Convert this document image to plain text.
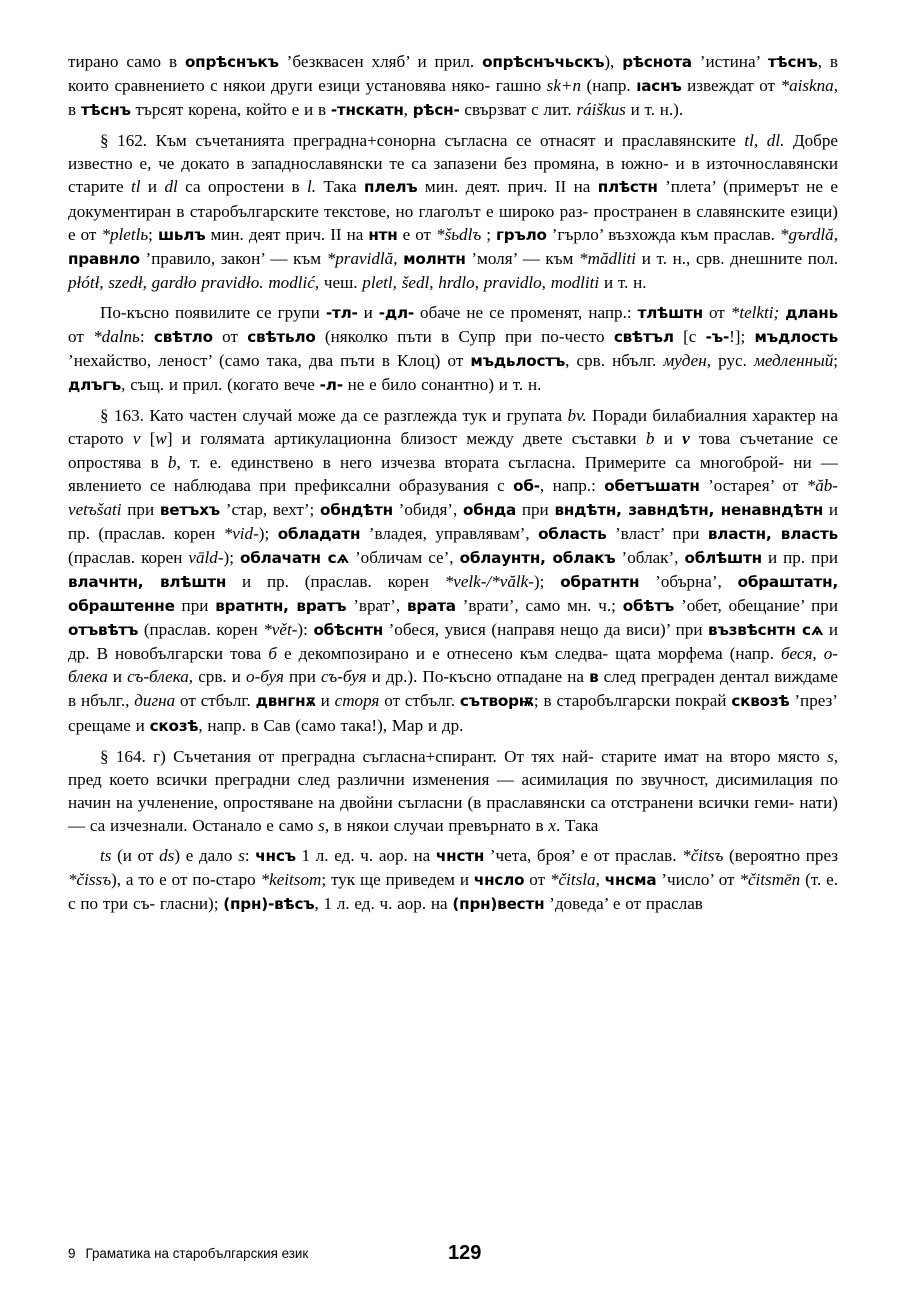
тирано само в опрѣснъкъ ’безквасен хляб’ и прил. опрѣснъчьскъ), рѣснота ’истина’ тѣснъ, в които сравнението с някои други езици установява няко- гашно sk+n (напр. ıаснъ извеждат от *aiskna, в тѣснъ търсят корена, който е и в -тнскатн, рѣсн- свързват с лит. ráiškus и т. н.).

§ 162. Към съчетанията преградна+сонорна съгласна се отнасят и праславянските tl, dl. Добре известно е, че докато в западнославянски те са запазени без промяна, в южно- и в източнославянски старите tl и dl са опростени в l. Така плелъ мин. деят. прич. II на плѣстн ’плета’ (примерът не е документиран в старобългарските текстове, но глаголът е широко раз- пространен в славянските езици) е от *pletlь; шьлъ мин. деят прич. II на нтн е от *šьdlъ ; грълo ’гърло’ възхожда към праслав. *gъrdlă, правнло ’правило, закон’ — към *pravidlă, молнтн ’моля’ — към *mădliti и т. н., срв. днешните пол. płótł, szedł, gardło pravidło. modlić, чеш. pletl, šedl, hrdlo, pravidlo, modliti и т. н.

По-късно появилите се групи -тл- и -дл- обаче не се променят, напр.: тлѣштн от *telkti; длань от *dalnь: свѣтло от свѣтьло (няколко пъти в Супр при по-често свѣтъл [с -ъ-!]; мъдлость ’нехайство, леност’ (само така, два пъти в Клоц) от мъдьлостъ, срв. нбълг. муден, рус. медленный; длъгъ, същ. и прил. (когато вече -л- не е било сонантно) и т. н.

§ 163. Като частен случай може да се разглежда тук и групата bv. Поради билабиалния характер на старото v [w] и голямата артикулационна близост между двете съставки b и v това съчетание се опростява в b, т. е. единствено в него изчезва втората съгласна. Примерите са многоброй- ни — явлението се наблюдава при префиксални образувания с об-, напр.: обетъшатн ’остарея’ от *ăb-vetъšati при ветъхъ ’стар, вехт’; обндѣтн ’обидя’, обнда при вндѣтн, завндѣтн, ненавндѣтн и пр. (праслав. корен *vid-); обладатн ’владея, управлявам’, область ’власт’ при властн, власть (праслав. корен vāld-); облачатн сѧ ’обличам се’, облаунтн, облакъ ’облак’, облѣштн и пр. при влачнтн, влѣштн и пр. (праслав. корен *velk-/*vălk-); обратнтн ’обърна’, обраштатн, обраштенне при вратнтн, вратъ ’врат’, врата ’врати’, само мн. ч.; обѣтъ ’обет, обещание’ при отъвѣтъ (праслав. корен *vět-): обѣснтн ’обеся, увися (направя нещо да виси)’ при възвѣснтн сѧ и др. В новобългарски това б е декомпозирано и е отнесено към следва- щата морфема (напр. беся, о-блека и съ-блека, срв. и о-буя при съ-буя и др.). По-късно отпадане на в след преграден дентал виждаме в нбълг., дигна от стбълг. двнгнѫ и сторя от стбълг. сътворѭ; в старобългарски покрай сквозѣ ’през’ срещаме и скозѣ, напр. в Сав (само така!), Мар и др.

§ 164. г) Съчетания от преградна съгласна+спирант. От тях най- старите имат на второ място s, пред което всички преградни след различни изменения — асимилация по звучност, дисимилация по начин на учленение, опростяване на двойни съгласни (в праславянски са отстранени всички геми- нати) — са изчезнали. Останало е само s, в някои случаи превърнато в x. Така

ts (и от ds) е дало s: чнсъ 1 л. ед. ч. аор. на чнстн ’чета, броя’ е от праслав. *čitsъ (вероятно през *čissъ), а то е от по-старо *keitsom; тук ще приведем и чнсло от *čitsla, чнсма ’число’ от *čitsmēn (т. е. с по три съ- гласни); (прн)-вѣсъ, 1 л. ед. ч. аор. на (прн)вестн ’доведа’ е от праслав

9 Граматика на старобългарския език	129
